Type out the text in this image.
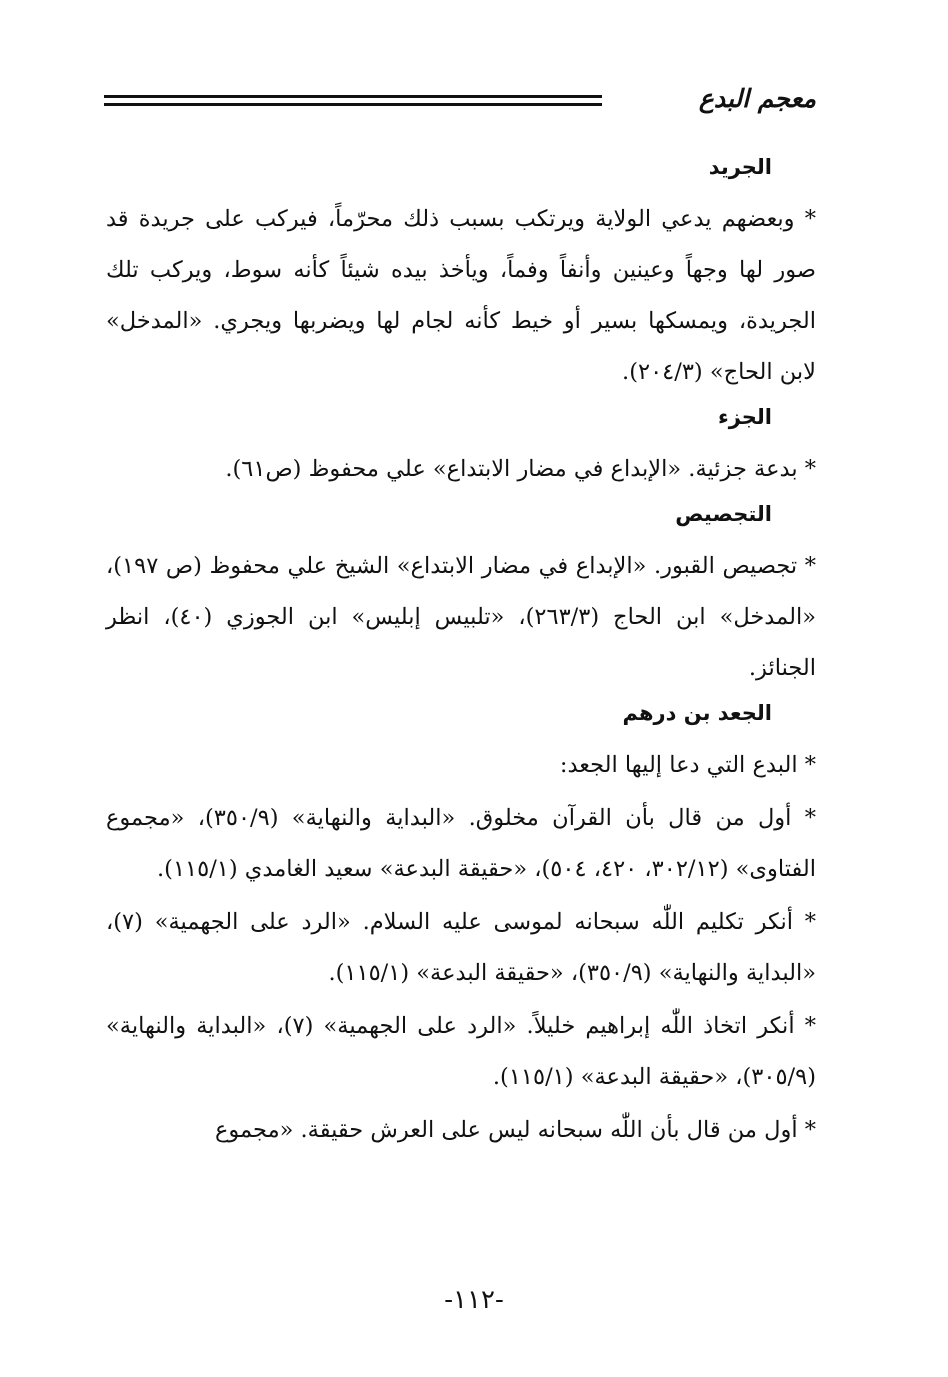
معجم البدع
الجريد

* وبعضهم يدعي الولاية ويرتكب بسبب ذلك محرّماً، فيركب على جريدة قد صور لها وجهاً وعينين وأنفاً وفماً، ويأخذ بيده شيئاً كأنه سوط، ويركب تلك الجريدة، ويمسكها بسير أو خيط كأنه لجام لها ويضربها ويجري. «المدخل» لابن الحاج» (٢٠٤/٣).

الجزء

* بدعة جزئية. «الإبداع في مضار الابتداع» علي محفوظ (ص٦١).

التجصيص

* تجصيص القبور. «الإبداع في مضار الابتداع» الشيخ علي محفوظ (ص ١٩٧)، «المدخل» ابن الحاج (٢٦٣/٣)، «تلبيس إبليس» ابن الجوزي (٤٠)، انظر الجنائز.

الجعد بن درهم

* البدع التي دعا إليها الجعد:

* أول من قال بأن القرآن مخلوق. «البداية والنهاية» (٣٥٠/٩)، «مجموع الفتاوى» (٣٠٢/١٢، ٤٢٠، ٥٠٤)، «حقيقة البدعة» سعيد الغامدي (١١٥/١).

* أنكر تكليم اللّٰه سبحانه لموسى عليه السلام. «الرد على الجهمية» (٧)، «البداية والنهاية» (٣٥٠/٩)، «حقيقة البدعة» (١١٥/١).

* أنكر اتخاذ اللّٰه إبراهيم خليلاً. «الرد على الجهمية» (٧)، «البداية والنهاية» (٣٠٥/٩)، «حقيقة البدعة» (١١٥/١).

* أول من قال بأن اللّٰه سبحانه ليس على العرش حقيقة. «مجموع

-١١٢-
